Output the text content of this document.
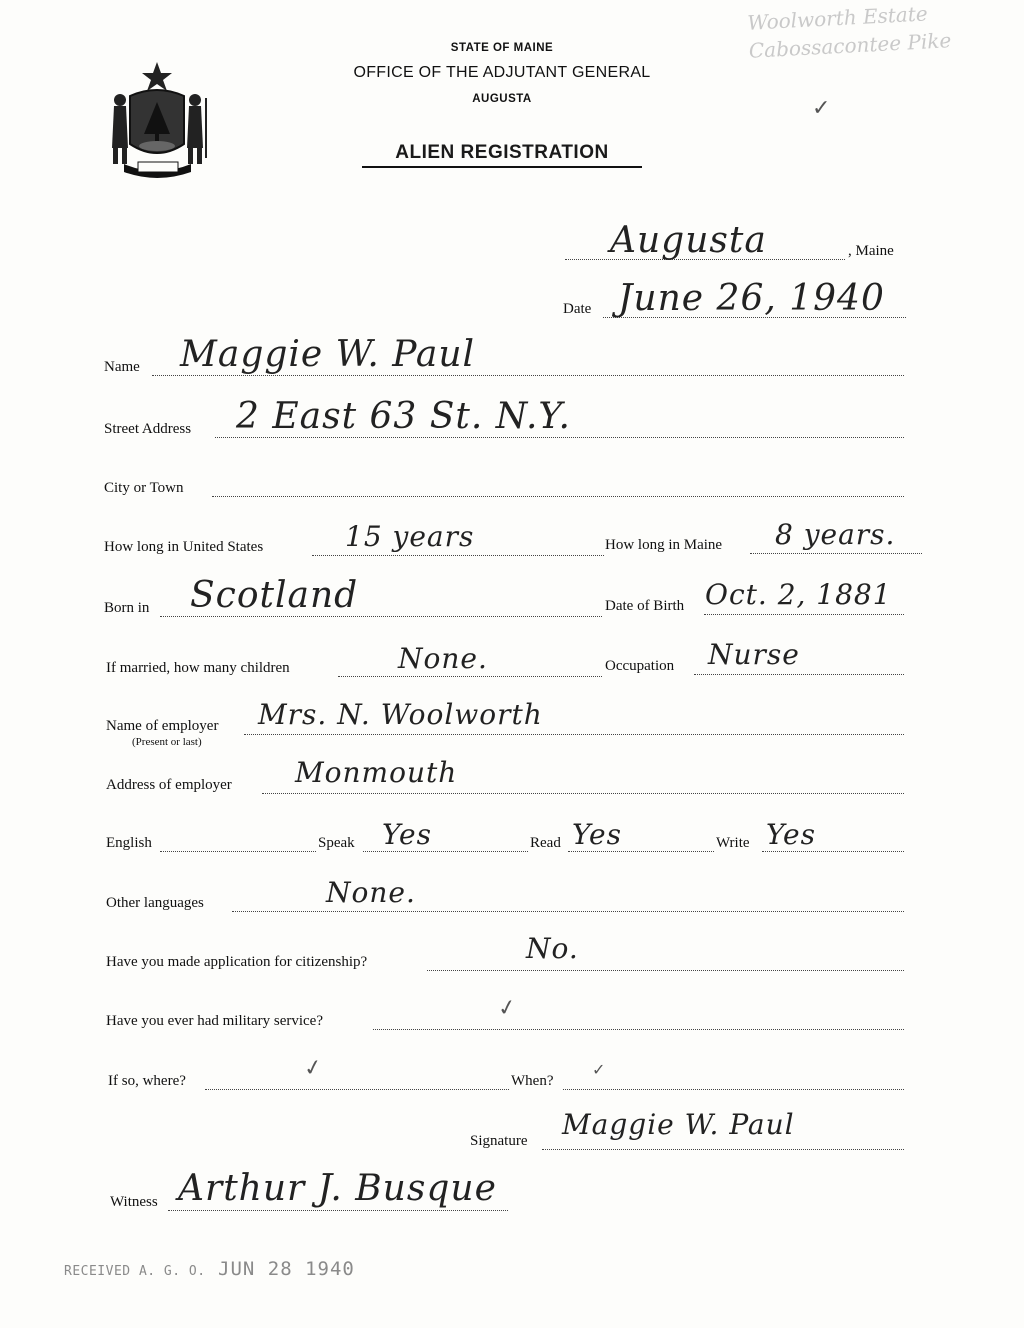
Woolworth Estate
Cabossacontee Pike
✓
STATE OF MAINE
OFFICE OF THE ADJUTANT GENERAL
AUGUSTA
ALIEN REGISTRATION
Augusta	, Maine
Date June 26, 1940
Name Maggie W. Paul
Street Address 2 East 63 St. N.Y.
City or Town
How long in United States	15 years	How long in Maine 8 years.
Born in Scotland	Date of Birth Oct. 2, 1881
If married, how many children	None.	Occupation Nurse
Name of employer
(Present or last)
Mrs. N. Woolworth
Address of employer Monmouth
English	Speak Yes	Read Yes	Write Yes
Other languages	None.
Have you made application for citizenship?	No.
Have you ever had military service?	✓
If so, where?	✓	When?
✓
Signature Maggie W. Paul
Witness Arthur J. Busque
RECEIVED A. G. O. JUN 28 1940
